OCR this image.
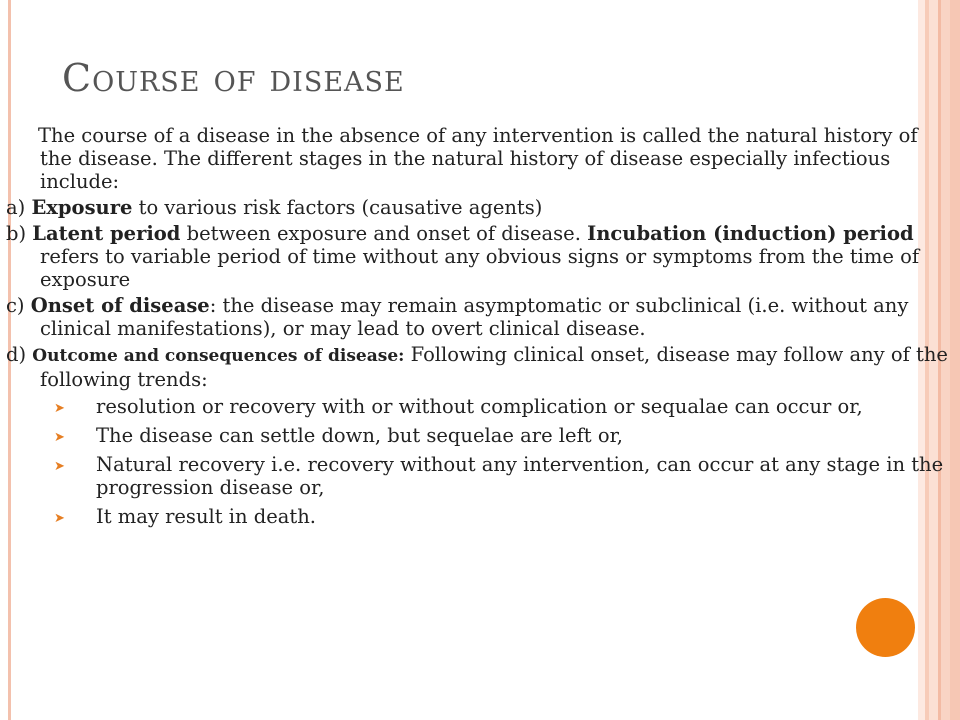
Course of disease

The course of a disease in the absence of any intervention is called the natural history of the disease. The different stages in the natural history of disease especially infectious include:

a) Exposure to various risk factors (causative agents)

b) Latent period between exposure and onset of disease. Incubation (induction) period refers to variable period of time without any obvious signs or symptoms from the time of exposure

c) Onset of disease: the disease may remain asymptomatic or subclinical (i.e. without any clinical manifestations), or may lead to overt clinical disease.

d) Outcome and consequences of disease: Following clinical onset, disease may follow any of the following trends:

➤ resolution or recovery with or without complication or sequalae can occur or,
➤ The disease can settle down, but sequelae are left or,
➤ Natural recovery i.e. recovery without any intervention, can occur at any stage in the progression disease or,
➤ It may result in death.
